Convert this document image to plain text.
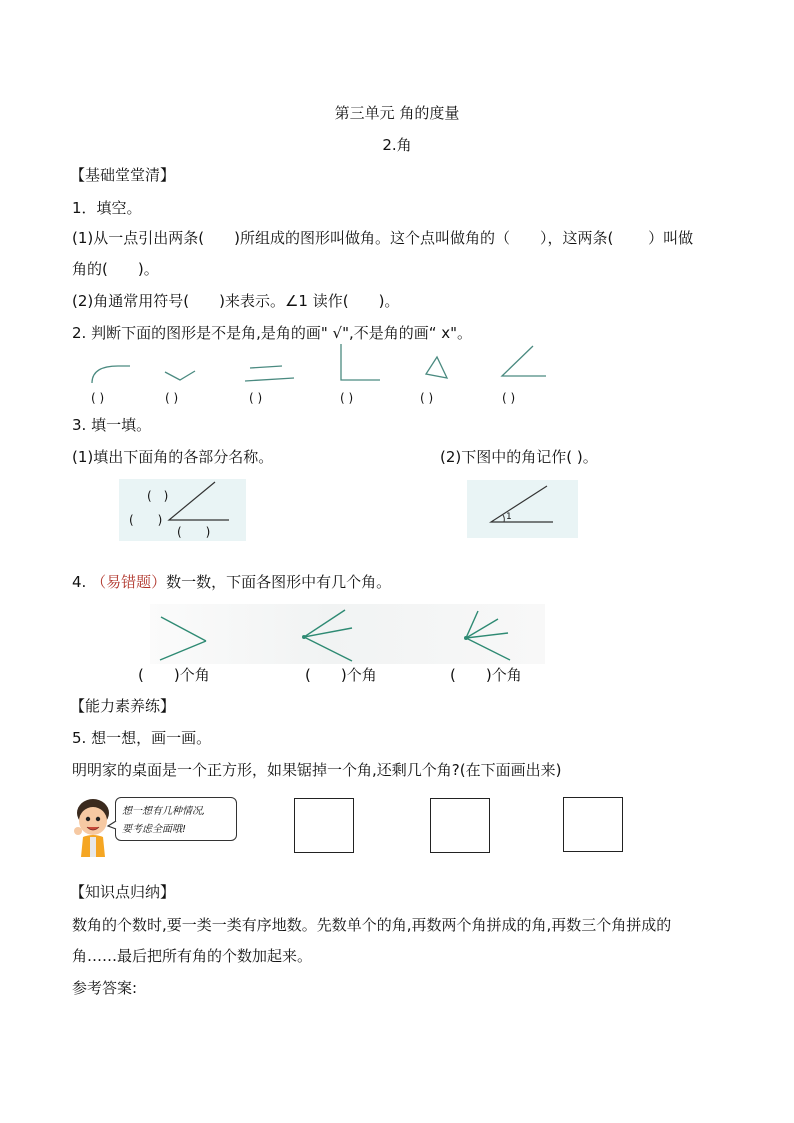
第三单元 角的度量
2.角
【基础堂堂清】
1．填空。
(1)从一点引出两条(　　)所组成的图形叫做角。这个点叫做角的（　　），这两条(　　 ）叫做
角的(　　)。
(2)角通常用符号(　　)来表示。∠1 读作(　　)。
2. 判断下面的图形是不是角,是角的画" √",不是角的画“ x"。
( )	( )	( )	( )	( )	( )
3. 填一填。
(1)填出下面角的各部分名称。	(2)下图中的角记作( )。
(　)
(　　)
(　　)
1
4. （易错题）数一数，下面各图形中有几个角。
(　　)个角	(　　)个角	(　　)个角
【能力素养练】
5. 想一想，画一画。
明明家的桌面是一个正方形，如果锯掉一个角,还剩几个角?(在下面画出来)
想一想有几种情况,
要考虑全面哦!
【知识点归纳】
数角的个数时,要一类一类有序地数。先数单个的角,再数两个角拼成的角,再数三个角拼成的
角……最后把所有角的个数加起来。
参考答案:
